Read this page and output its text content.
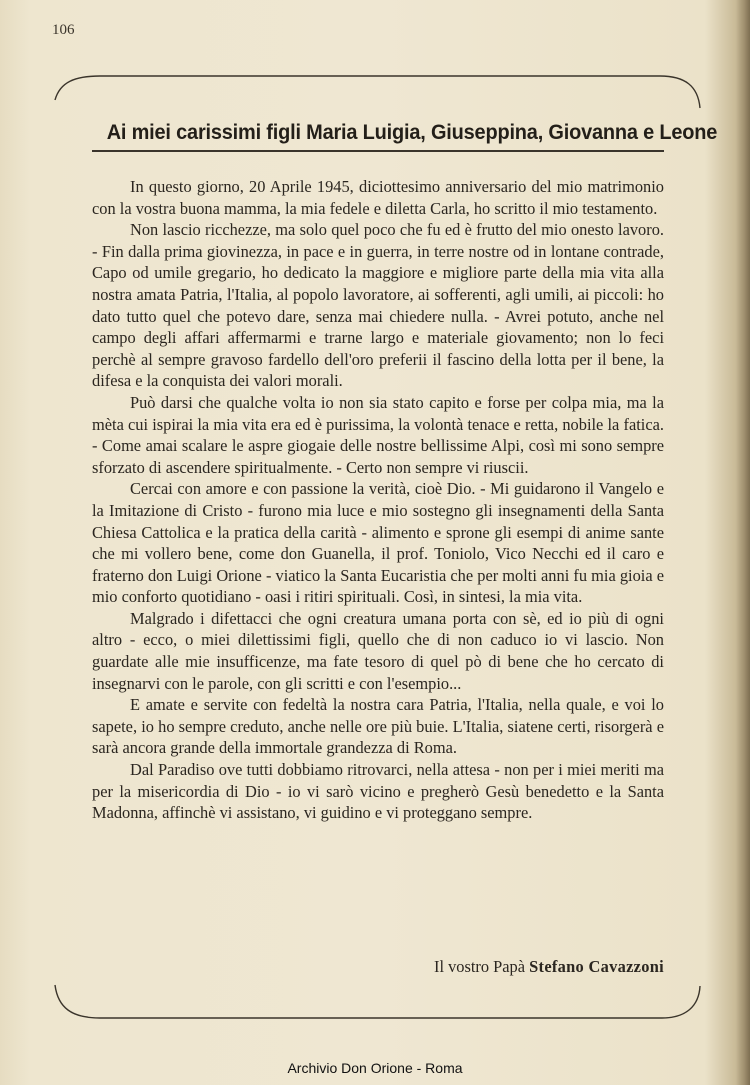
106
Ai miei carissimi figli Maria Luigia, Giuseppina, Giovanna e Leone

In questo giorno, 20 Aprile 1945, diciottesimo anniversario del mio matrimonio con la vostra buona mamma, la mia fedele e diletta Carla, ho scritto il mio testamento.

Non lascio ricchezze, ma solo quel poco che fu ed è frutto del mio onesto lavoro. - Fin dalla prima giovinezza, in pace e in guerra, in terre nostre od in lontane contrade, Capo od umile gregario, ho dedicato la maggiore e migliore parte della mia vita alla nostra amata Patria, l'Italia, al popolo lavoratore, ai sofferenti, agli umili, ai piccoli: ho dato tutto quel che potevo dare, senza mai chiedere nulla. - Avrei potuto, anche nel campo degli affari affermarmi e trarne largo e materiale giovamento; non lo feci perchè al sempre gravoso fardello dell'oro preferii il fascino della lotta per il bene, la difesa e la conquista dei valori morali.

Può darsi che qualche volta io non sia stato capito e forse per colpa mia, ma la mèta cui ispirai la mia vita era ed è purissima, la volontà tenace e retta, nobile la fatica. - Come amai scalare le aspre giogaie delle nostre bellissime Alpi, così mi sono sempre sforzato di ascendere spiritualmente. - Certo non sempre vi riuscii.

Cercai con amore e con passione la verità, cioè Dio. - Mi guidarono il Vangelo e la Imitazione di Cristo - furono mia luce e mio sostegno gli insegnamenti della Santa Chiesa Cattolica e la pratica della carità - alimento e sprone gli esempi di anime sante che mi vollero bene, come don Guanella, il prof. Toniolo, Vico Necchi ed il caro e fraterno don Luigi Orione - viatico la Santa Eucaristia che per molti anni fu mia gioia e mio conforto quotidiano - oasi i ritiri spirituali. Così, in sintesi, la mia vita.

Malgrado i difettacci che ogni creatura umana porta con sè, ed io più di ogni altro - ecco, o miei dilettissimi figli, quello che di non caduco io vi lascio. Non guardate alle mie insufficenze, ma fate tesoro di quel pò di bene che ho cercato di insegnarvi con le parole, con gli scritti e con l'esempio...

E amate e servite con fedeltà la nostra cara Patria, l'Italia, nella quale, e voi lo sapete, io ho sempre creduto, anche nelle ore più buie. L'Italia, siatene certi, risorgerà e sarà ancora grande della immortale grandezza di Roma.

Dal Paradiso ove tutti dobbiamo ritrovarci, nella attesa - non per i miei meriti ma per la misericordia di Dio - io vi sarò vicino e pregherò Gesù benedetto e la Santa Madonna, affinchè vi assistano, vi guidino e vi proteggano sempre.

Il vostro Papà Stefano Cavazzoni
Archivio Don Orione - Roma
